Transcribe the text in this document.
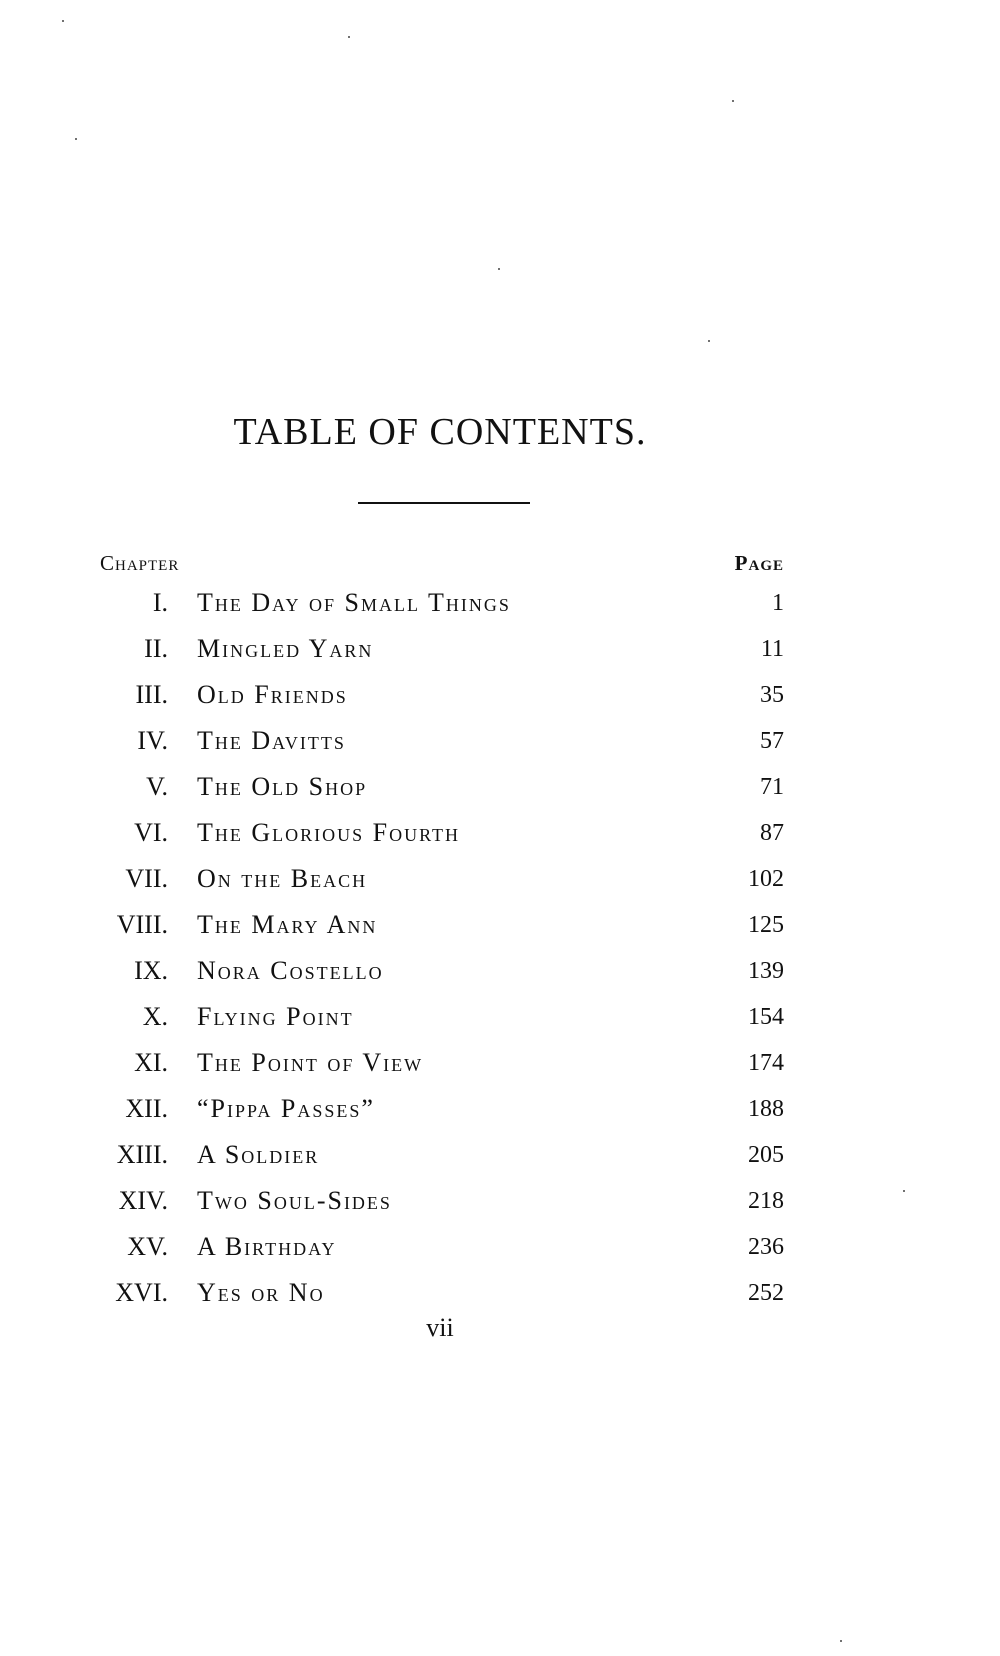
TABLE OF CONTENTS.
Chapter	Page
I. The Day of Small Things . . .	1
II. Mingled Yarn . . .	11
III. Old Friends . . .	35
IV. The Davitts . . .	57
V. The Old Shop . . .	71
VI. The Glorious Fourth . . .	87
VII. On the Beach . . .	102
VIII. The Mary Ann . . .	125
IX. Nora Costello . . .	139
X. Flying Point . . .	154
XI. The Point of View . . .	174
XII. “Pippa Passes” . . .	188
XIII. A Soldier . . .	205
XIV. Two Soul-Sides . . .	218
XV. A Birthday . . .	236
XVI. Yes or No . . .	252
vii
